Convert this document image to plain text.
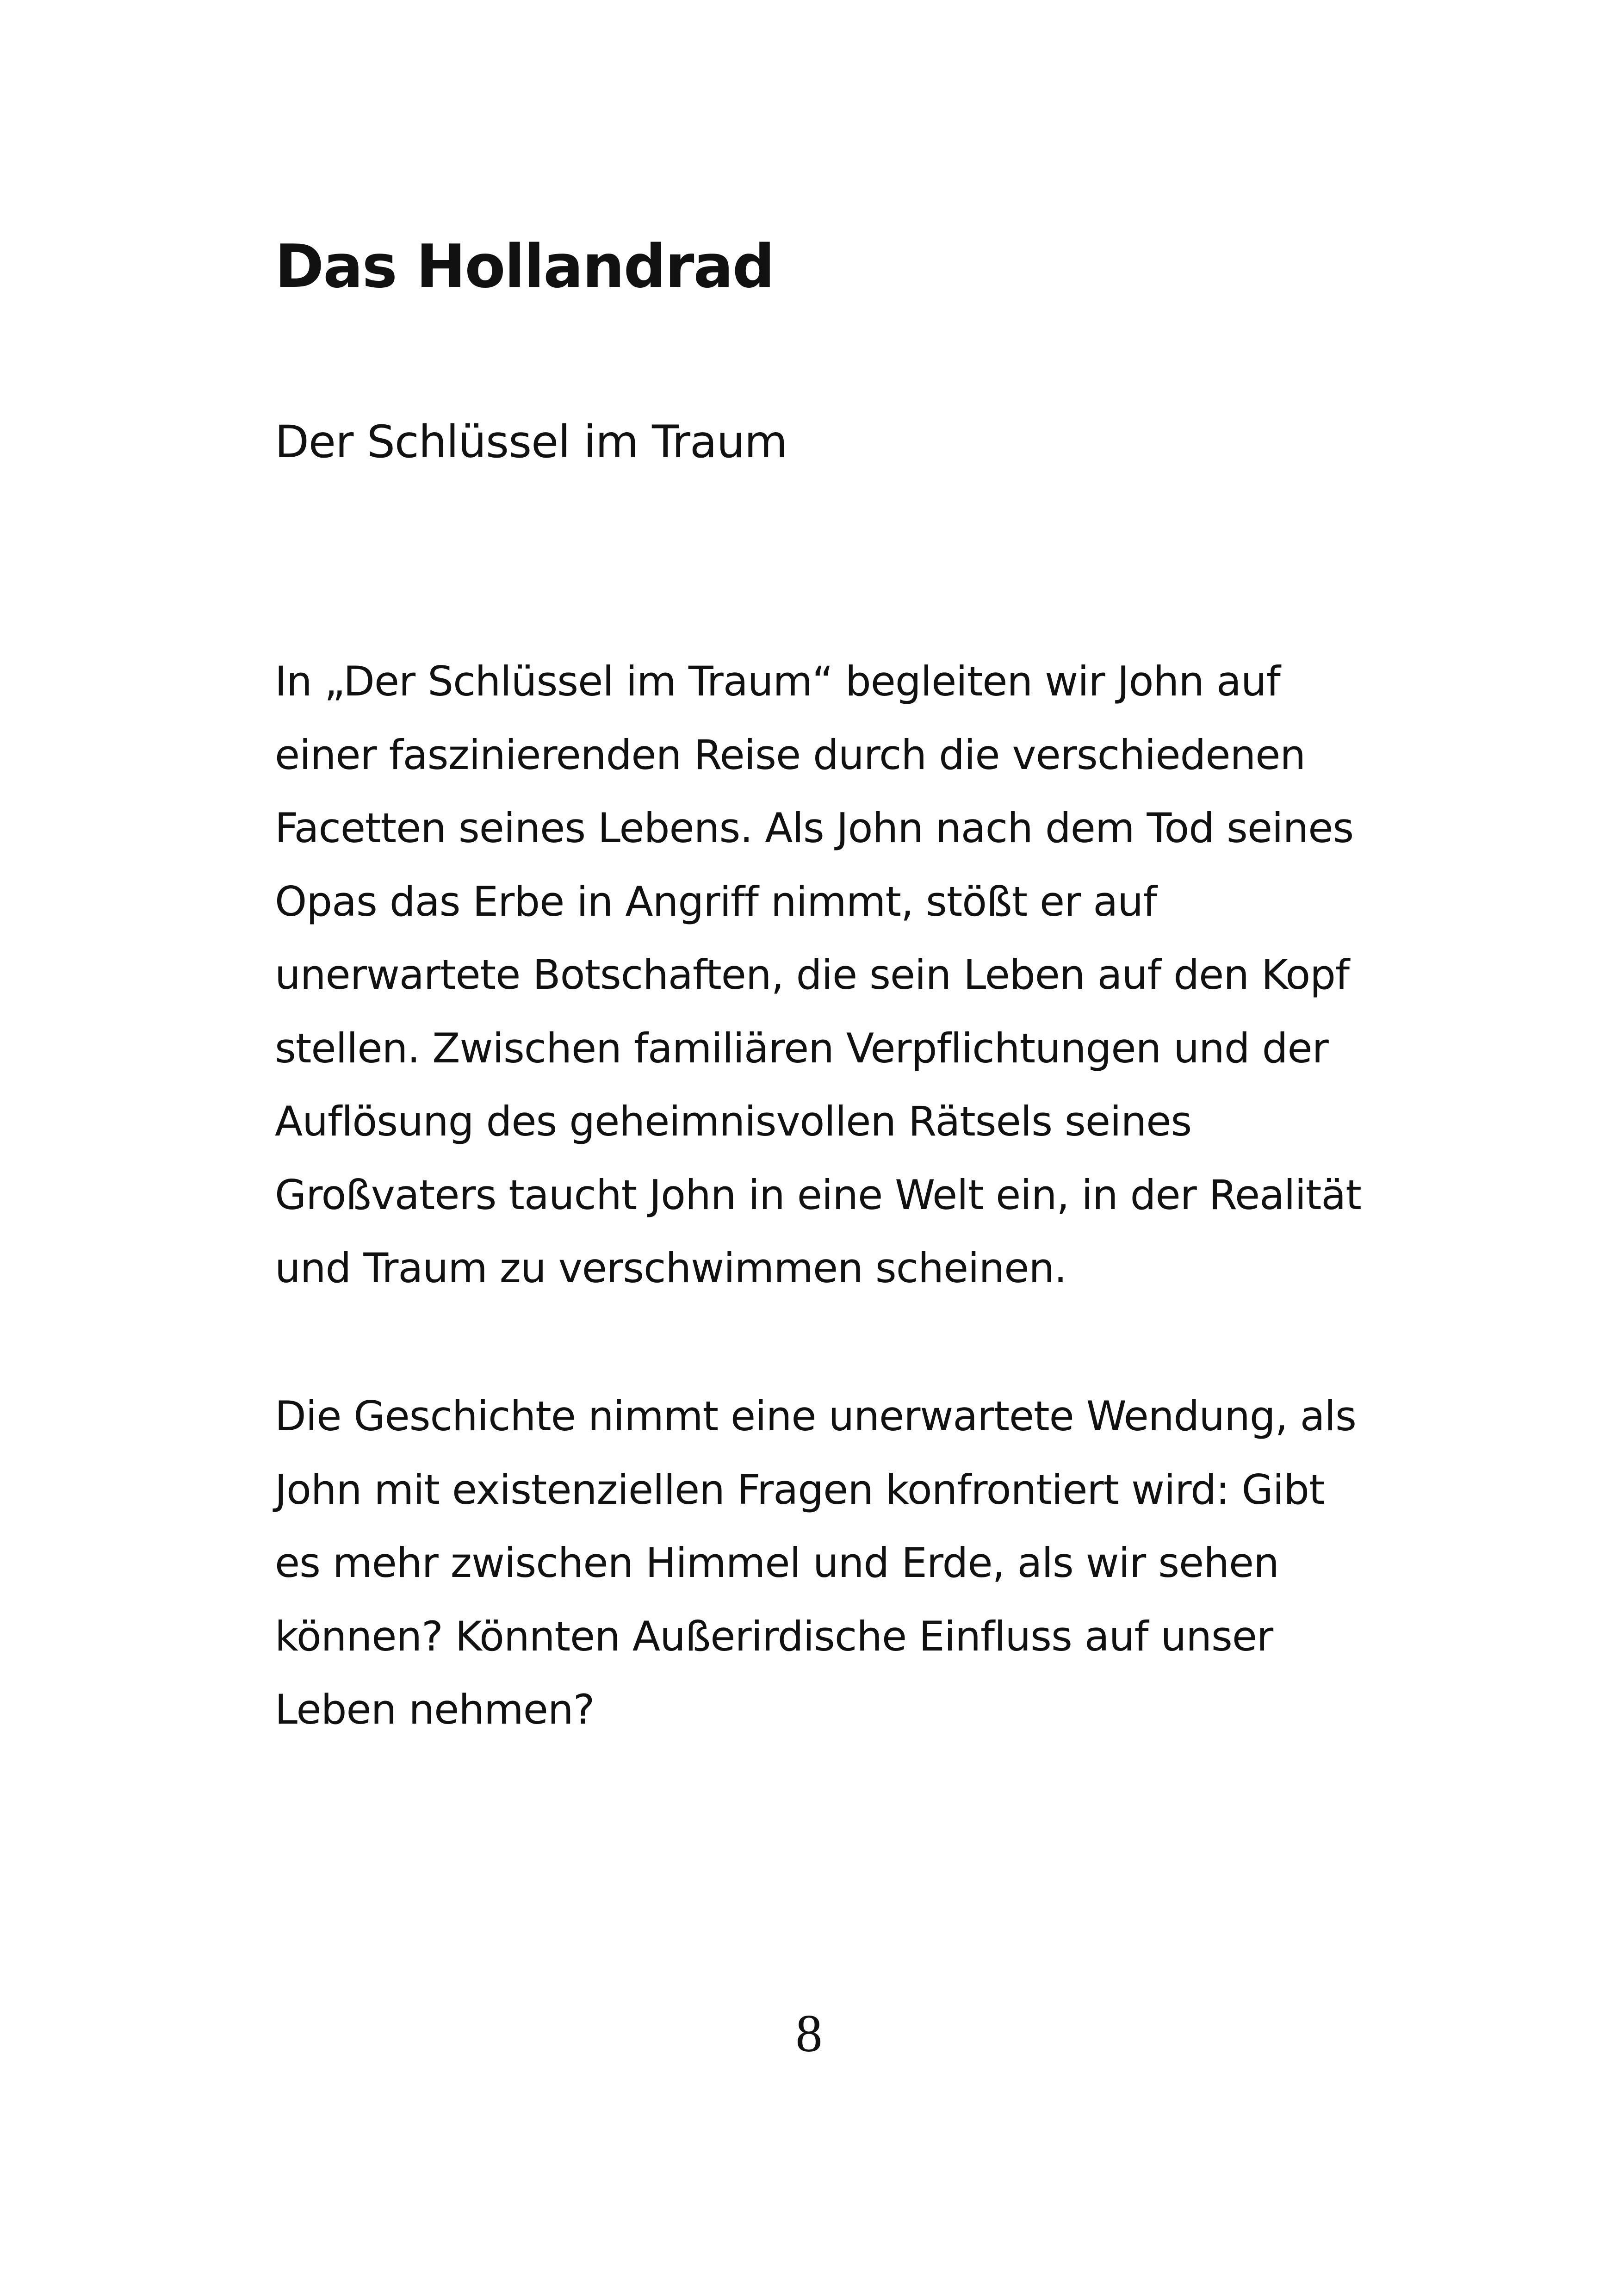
Das Hollandrad
Der Schlüssel im Traum

In „Der Schlüssel im Traum“ begleiten wir John auf
einer faszinierenden Reise durch die verschiedenen
Facetten seines Lebens. Als John nach dem Tod seines
Opas das Erbe in Angriff nimmt, stößt er auf
unerwartete Botschaften, die sein Leben auf den Kopf
stellen. Zwischen familiären Verpflichtungen und der
Auflösung des geheimnisvollen Rätsels seines
Großvaters taucht John in eine Welt ein, in der Realität
und Traum zu verschwimmen scheinen.

Die Geschichte nimmt eine unerwartete Wendung, als
John mit existenziellen Fragen konfrontiert wird: Gibt
es mehr zwischen Himmel und Erde, als wir sehen
können? Könnten Außerirdische Einfluss auf unser
Leben nehmen?

8
